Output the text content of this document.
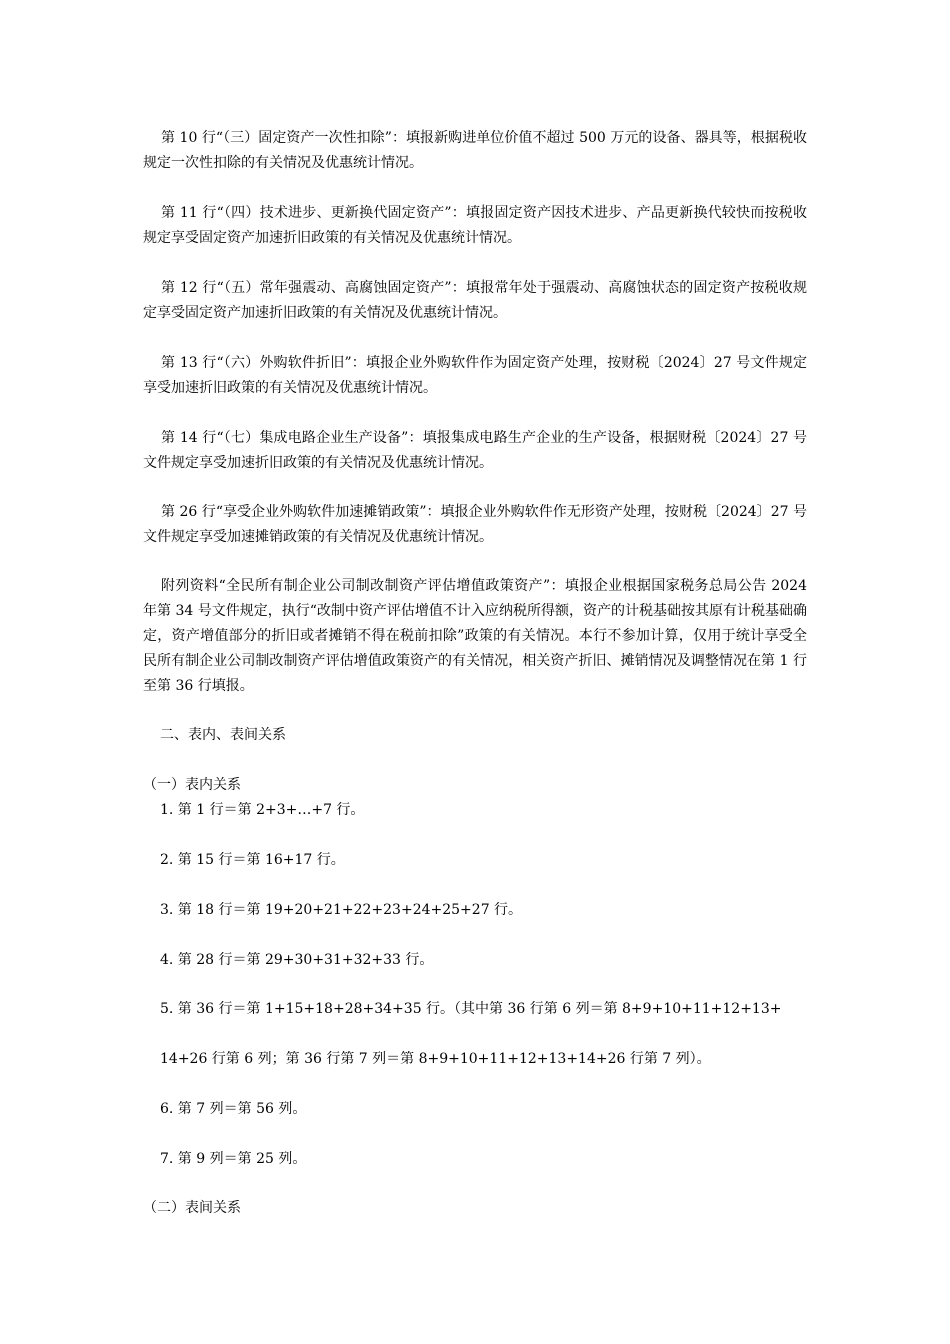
第 10 行“（三）固定资产一次性扣除”：填报新购进单位价值不超过 500 万元的设备、器具等，根据税收规定一次性扣除的有关情况及优惠统计情况。

第 11 行“（四）技术进步、更新换代固定资产”：填报固定资产因技术进步、产品更新换代较快而按税收规定享受固定资产加速折旧政策的有关情况及优惠统计情况。

第 12 行“（五）常年强震动、高腐蚀固定资产”：填报常年处于强震动、高腐蚀状态的固定资产按税收规定享受固定资产加速折旧政策的有关情况及优惠统计情况。

第 13 行“（六）外购软件折旧”：填报企业外购软件作为固定资产处理，按财税〔2024〕27 号文件规定享受加速折旧政策的有关情况及优惠统计情况。

第 14 行“（七）集成电路企业生产设备”：填报集成电路生产企业的生产设备，根据财税〔2024〕27 号文件规定享受加速折旧政策的有关情况及优惠统计情况。

第 26 行“享受企业外购软件加速摊销政策”：填报企业外购软件作无形资产处理，按财税〔2024〕27 号文件规定享受加速摊销政策的有关情况及优惠统计情况。

附列资料“全民所有制企业公司制改制资产评估增值政策资产”：填报企业根据国家税务总局公告 2024 年第 34 号文件规定，执行“改制中资产评估增值不计入应纳税所得额，资产的计税基础按其原有计税基础确定，资产增值部分的折旧或者摊销不得在税前扣除”政策的有关情况。本行不参加计算，仅用于统计享受全民所有制企业公司制改制资产评估增值政策资产的有关情况，相关资产折旧、摊销情况及调整情况在第 1 行至第 36 行填报。

二、表内、表间关系

（一）表内关系

1. 第 1 行＝第 2+3+…+7 行。

2. 第 15 行＝第 16+17 行。

3. 第 18 行＝第 19+20+21+22+23+24+25+27 行。

4. 第 28 行＝第 29+30+31+32+33 行。

5. 第 36 行＝第 1+15+18+28+34+35 行。（其中第 36 行第 6 列＝第 8+9+10+11+12+13+

14+26 行第 6 列；第 36 行第 7 列＝第 8+9+10+11+12+13+14+26 行第 7 列）。

6. 第 7 列＝第 56 列。

7. 第 9 列＝第 25 列。

（二）表间关系
